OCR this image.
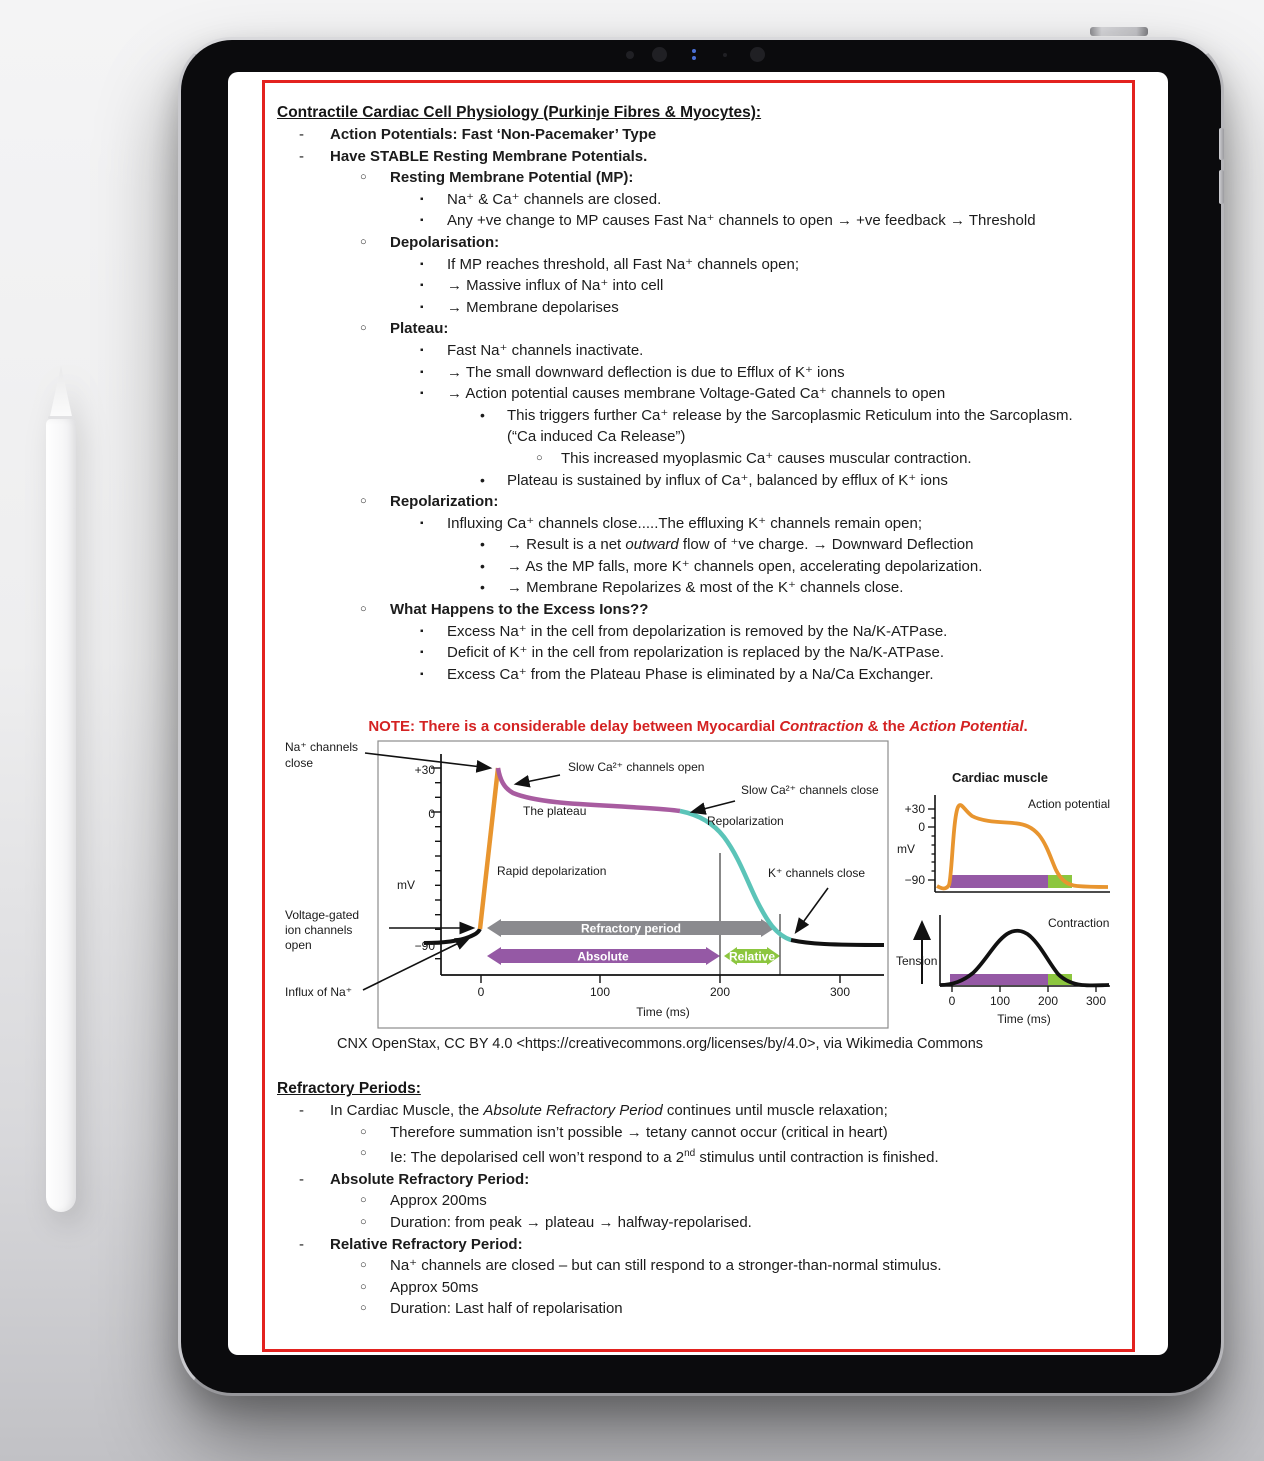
Contractile Cardiac Cell Physiology (Purkinje Fibres & Myocytes):
-	Action Potentials: Fast ‘Non-Pacemaker’ Type
-	Have STABLE Resting Membrane Potentials.
○	Resting Membrane Potential (MP):
▪	Na⁺ & Ca⁺ channels are closed.
▪	Any +ve change to MP causes Fast Na⁺ channels to open → +ve feedback → Threshold
○	Depolarisation:
▪	If MP reaches threshold, all Fast Na⁺ channels open;
▪	→ Massive influx of Na⁺ into cell
▪	→ Membrane depolarises
○	Plateau:
▪	Fast Na⁺ channels inactivate.
▪	→ The small downward deflection is due to Efflux of K⁺ ions
▪	→ Action potential causes membrane Voltage-Gated Ca⁺ channels to open
•	This triggers further Ca⁺ release by the Sarcoplasmic Reticulum into the Sarcoplasm.
(“Ca induced Ca Release”)
○	This increased myoplasmic Ca⁺ causes muscular contraction.
•	Plateau is sustained by influx of Ca⁺, balanced by efflux of K⁺ ions
○	Repolarization:
▪	Influxing Ca⁺ channels close.....The effluxing K⁺ channels remain open;
•	→ Result is a net outward flow of ⁺ve charge. → Downward Deflection
•	→ As the MP falls, more K⁺ channels open, accelerating depolarization.
•	→ Membrane Repolarizes & most of the K⁺ channels close.
○	What Happens to the Excess Ions??
▪	Excess Na⁺ in the cell from depolarization is removed by the Na/K-ATPase.
▪	Deficit of K⁺ in the cell from repolarization is replaced by the Na/K-ATPase.
▪	Excess Ca⁺ from the Plateau Phase is eliminated by a Na/Ca Exchanger.
NOTE: There is a considerable delay between Myocardial Contraction & the Action Potential.
Refractory period
Absolute	Relative
+30
0
−90
mV
0	100	200	300
Time (ms)
Na⁺ channels
close	Slow Ca²⁺ channels open
Slow Ca²⁺ channels close
The plateau
Repolarization
Rapid depolarization	K⁺ channels close
Voltage-gated
ion channels
open
Influx of Na⁺
Cardiac muscle
Action potential
+30
0
−90
mV
Contraction
Tension
0	100 200 300
Time (ms)
CNX OpenStax, CC BY 4.0 <https://creativecommons.org/licenses/by/4.0>, via Wikimedia Commons
Refractory Periods:
-	In Cardiac Muscle, the Absolute Refractory Period continues until muscle relaxation;
○	Therefore summation isn’t possible → tetany cannot occur (critical in heart)
○	Ie: The depolarised cell won’t respond to a 2nd stimulus until contraction is finished.
-	Absolute Refractory Period:
○	Approx 200ms
○	Duration: from peak → plateau → halfway-repolarised.
-	Relative Refractory Period:
○	Na⁺ channels are closed – but can still respond to a stronger-than-normal stimulus.
○	Approx 50ms
○	Duration: Last half of repolarisation
